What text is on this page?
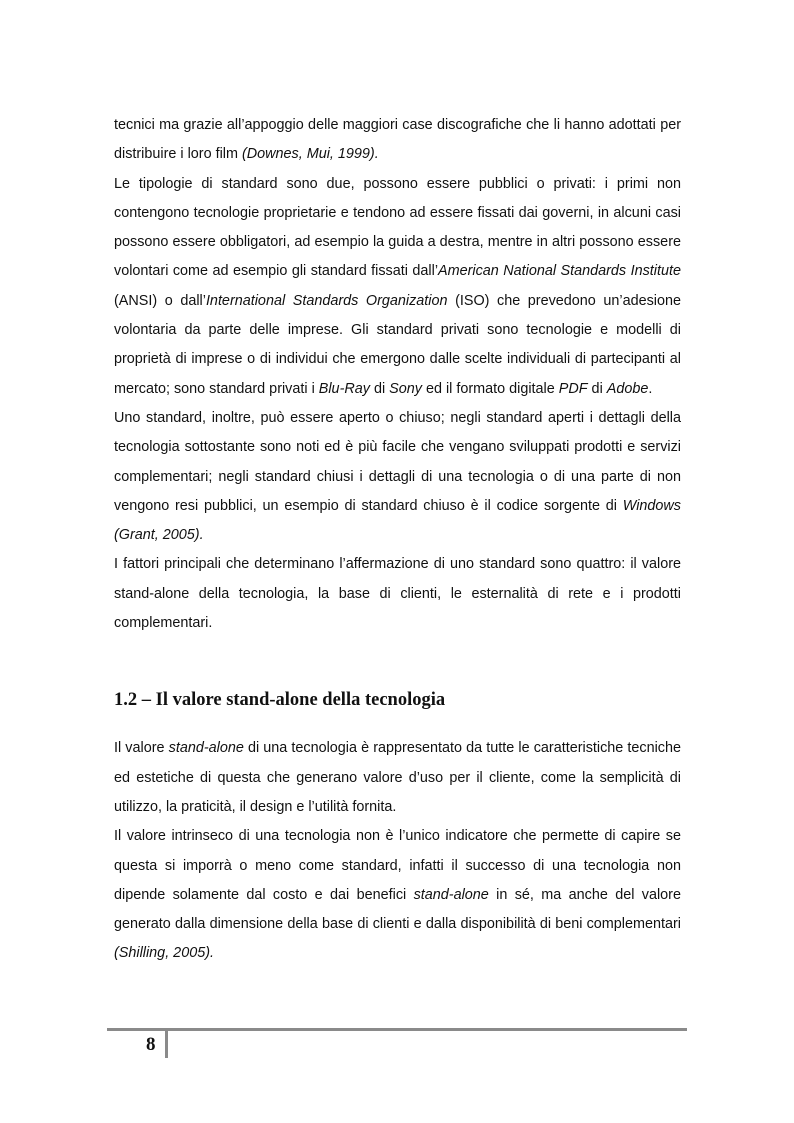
tecnici ma grazie all’appoggio delle maggiori case discografiche che li hanno adottati per distribuire i loro film (Downes, Mui, 1999).

Le tipologie di standard sono due, possono essere pubblici o privati: i primi non contengono tecnologie proprietarie e tendono ad essere fissati dai governi, in alcuni casi possono essere obbligatori, ad esempio la guida a destra, mentre in altri possono essere volontari come ad esempio gli standard fissati dall’American National Standards Institute (ANSI) o dall’International Standards Organization (ISO) che prevedono un’adesione volontaria da parte delle imprese. Gli standard privati sono tecnologie e modelli di proprietà di imprese o di individui che emergono dalle scelte individuali di partecipanti al mercato; sono standard privati i Blu-Ray di Sony ed il formato digitale PDF di Adobe.

Uno standard, inoltre, può essere aperto o chiuso; negli standard aperti i dettagli della tecnologia sottostante sono noti ed è più facile che vengano sviluppati prodotti e servizi complementari; negli standard chiusi i dettagli di una tecnologia o di una parte di non vengono resi pubblici, un esempio di standard chiuso è il codice sorgente di Windows (Grant, 2005).

I fattori principali che determinano l’affermazione di uno standard sono quattro: il valore stand-alone della tecnologia, la base di clienti, le esternalità di rete e i prodotti complementari.

1.2 – Il valore stand-alone della tecnologia

Il valore stand-alone di una tecnologia è rappresentato da tutte le caratteristiche tecniche ed estetiche di questa che generano valore d’uso per il cliente, come la semplicità di utilizzo, la praticità, il design e l’utilità fornita.

Il valore intrinseco di una tecnologia non è l’unico indicatore che permette di capire se questa si imporrà o meno come standard, infatti il successo di una tecnologia non dipende solamente dal costo e dai benefici stand-alone in sé, ma anche del valore generato dalla dimensione della base di clienti e dalla disponibilità di beni complementari (Shilling, 2005).

8
